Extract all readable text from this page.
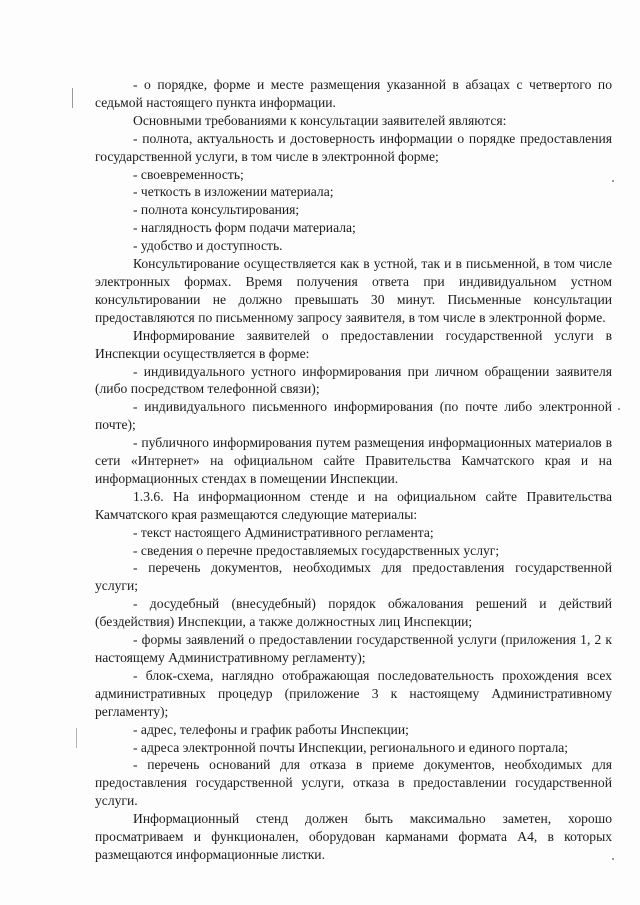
- о порядке, форме и месте размещения указанной в абзацах с четвертого по седьмой настоящего пункта информации.

Основными требованиями к консультации заявителей являются:

- полнота, актуальность и достоверность информации о порядке предоставления государственной услуги, в том числе в электронной форме;

- своевременность;

- четкость в изложении материала;

- полнота консультирования;

- наглядность форм подачи материала;

- удобство и доступность.

Консультирование осуществляется как в устной, так и в письменной, в том числе электронных формах. Время получения ответа при индивидуальном устном консультировании не должно превышать 30 минут. Письменные консультации предоставляются по письменному запросу заявителя, в том числе в электронной форме.

Информирование заявителей о предоставлении государственной услуги в Инспекции осуществляется в форме:

- индивидуального устного информирования при личном обращении заявителя (либо посредством телефонной связи);

- индивидуального письменного информирования (по почте либо электронной почте);

- публичного информирования путем размещения информационных материалов в сети «Интернет» на официальном сайте Правительства Камчатского края и на информационных стендах в помещении Инспекции.

1.3.6. На информационном стенде и на официальном сайте Правительства Камчатского края размещаются следующие материалы:

- текст настоящего Административного регламента;

- сведения о перечне предоставляемых государственных услуг;

- перечень документов, необходимых для предоставления государственной услуги;

- досудебный (внесудебный) порядок обжалования решений и действий (бездействия) Инспекции, а также должностных лиц Инспекции;

- формы заявлений о предоставлении государственной услуги (приложения 1, 2 к настоящему Административному регламенту);

- блок-схема, наглядно отображающая последовательность прохождения всех административных процедур (приложение 3 к настоящему Административному регламенту);

- адрес, телефоны и график работы Инспекции;

- адреса электронной почты Инспекции, регионального и единого портала;

- перечень оснований для отказа в приеме документов, необходимых для предоставления государственной услуги, отказа в предоставлении государственной услуги.

Информационный стенд должен быть максимально заметен, хорошо просматриваем и функционален, оборудован карманами формата А4, в которых размещаются информационные листки.
